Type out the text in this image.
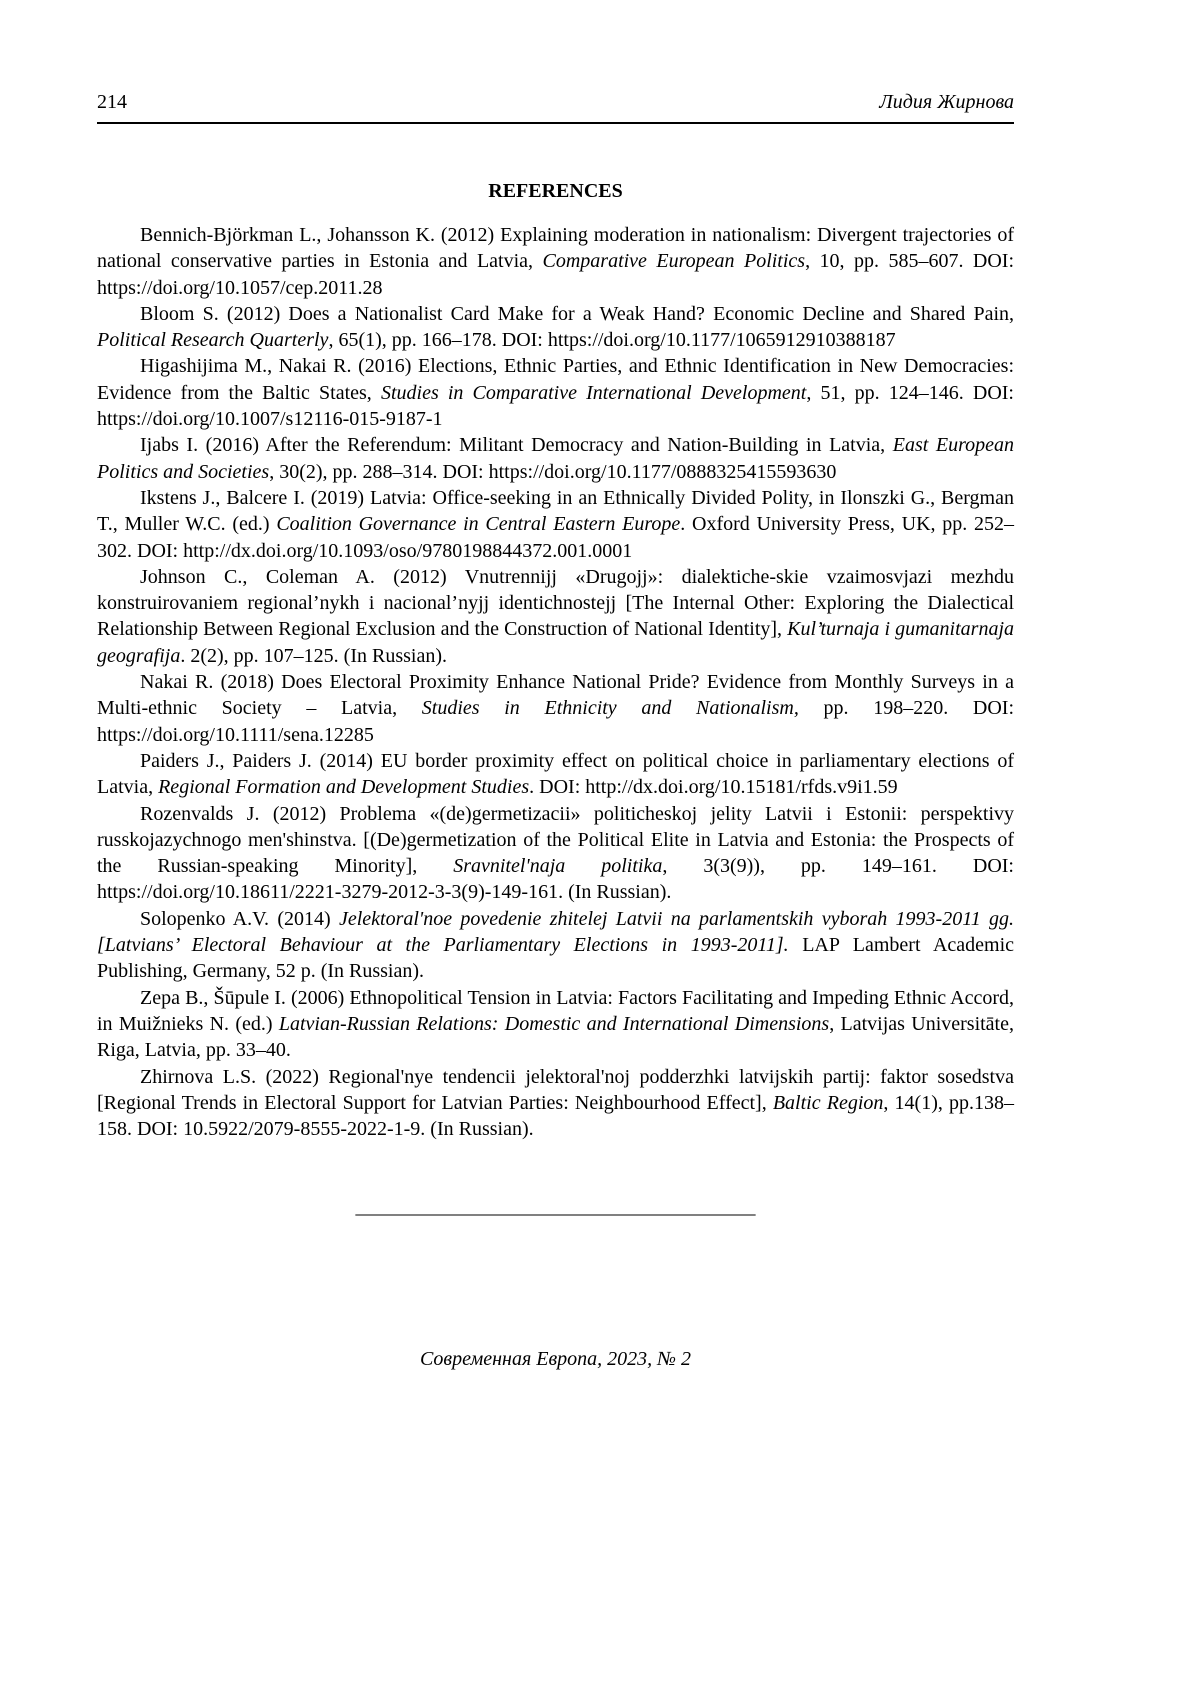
214	Лидия Жирнова
REFERENCES

Bennich-Björkman L., Johansson K. (2012) Explaining moderation in nationalism: Divergent trajectories of national conservative parties in Estonia and Latvia, Comparative European Politics, 10, pp. 585–607. DOI: https://doi.org/10.1057/cep.2011.28

Bloom S. (2012) Does a Nationalist Card Make for a Weak Hand? Economic Decline and Shared Pain, Political Research Quarterly, 65(1), pp. 166–178. DOI: https://doi.org/10.1177/1065912910388187

Higashijima M., Nakai R. (2016) Elections, Ethnic Parties, and Ethnic Identification in New Democracies: Evidence from the Baltic States, Studies in Comparative International Development, 51, pp. 124–146. DOI: https://doi.org/10.1007/s12116-015-9187-1

Ijabs I. (2016) After the Referendum: Militant Democracy and Nation-Building in Latvia, East European Politics and Societies, 30(2), pp. 288–314. DOI: https://doi.org/10.1177/0888325415593630

Ikstens J., Balcere I. (2019) Latvia: Office-seeking in an Ethnically Divided Polity, in Ilonszki G., Bergman T., Muller W.C. (ed.) Coalition Governance in Central Eastern Europe. Oxford University Press, UK, pp. 252–302. DOI: http://dx.doi.org/10.1093/oso/9780198844372.001.0001

Johnson C., Coleman A. (2012) Vnutrennijj «Drugojj»: dialektiche-skie vzaimosvjazi mezhdu konstruirovaniem regional’nykh i nacional’nyjj identichnostejj [The Internal Other: Exploring the Dialectical Relationship Between Regional Exclusion and the Construction of National Identity], Kul’turnaja i gumanitarnaja geografija. 2(2), pp. 107–125. (In Russian).

Nakai R. (2018) Does Electoral Proximity Enhance National Pride? Evidence from Monthly Surveys in a Multi-ethnic Society – Latvia, Studies in Ethnicity and Nationalism, pp. 198–220. DOI: https://doi.org/10.1111/sena.12285

Paiders J., Paiders J. (2014) EU border proximity effect on political choice in parliamentary elections of Latvia, Regional Formation and Development Studies. DOI: http://dx.doi.org/10.15181/rfds.v9i1.59

Rozenvalds J. (2012) Problema «(de)germetizacii» politicheskoj jelity Latvii i Estonii: perspektivy russkojazychnogo men'shinstva. [(De)germetization of the Political Elite in Latvia and Estonia: the Prospects of the Russian-speaking Minority], Sravnitel'naja politika, 3(3(9)), pp. 149–161. DOI: https://doi.org/10.18611/2221-3279-2012-3-3(9)-149-161. (In Russian).

Solopenko A.V. (2014) Jelektoral'noe povedenie zhitelej Latvii na parlamentskih vyborah 1993-2011 gg. [Latvians’ Electoral Behaviour at the Parliamentary Elections in 1993-2011]. LAP Lambert Academic Publishing, Germany, 52 p. (In Russian).

Zepa B., Šūpule I. (2006) Ethnopolitical Tension in Latvia: Factors Facilitating and Impeding Ethnic Accord, in Muižnieks N. (ed.) Latvian-Russian Relations: Domestic and International Dimensions, Latvijas Universitāte, Riga, Latvia, pp. 33–40.

Zhirnova L.S. (2022) Regional'nye tendencii jelektoral'noj podderzhki latvijskih partij: faktor sosedstva [Regional Trends in Electoral Support for Latvian Parties: Neighbourhood Effect], Baltic Region, 14(1), pp.138–158. DOI: 10.5922/2079-8555-2022-1-9. (In Russian).

________________________________________
Современная Европа, 2023, № 2
